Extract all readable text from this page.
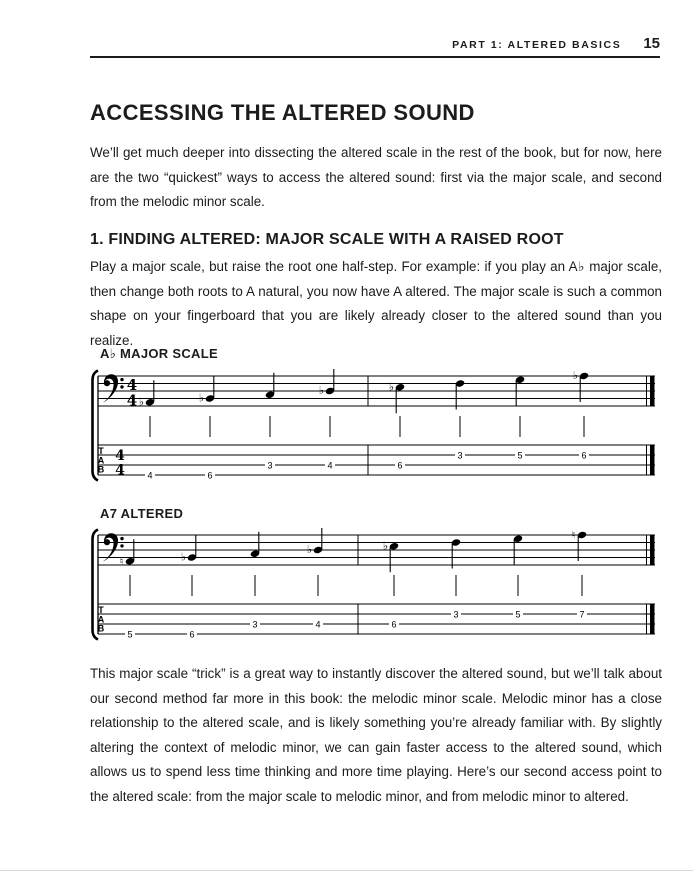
PART 1: ALTERED BASICS 15
ACCESSING THE ALTERED SOUND

We’ll get much deeper into dissecting the altered scale in the rest of the book, but for now, here are the two “quickest” ways to access the altered sound: first via the major scale, and second from the melodic minor scale.

1. FINDING ALTERED: MAJOR SCALE WITH A RAISED ROOT

Play a major scale, but raise the root one half-step. For example: if you play an A♭ major scale, then change both roots to A natural, you now have A altered. The major scale is such a common shape on your fingerboard that you are likely already closer to the altered sound than you realize.

A♭ MAJOR SCALE
4
4
4
4
T
A
B
♭
4
♭
6
3
♭
4
♭
6
3	5
♭
6
A7 ALTERED
T
A
B
♮
5
♭
6
3
♭
4
♭
6
3	5
♮
7

This major scale “trick” is a great way to instantly discover the altered sound, but we’ll talk about our second method far more in this book: the melodic minor scale. Melodic minor has a close relationship to the altered scale, and is likely something you’re already familiar with. By slightly altering the context of melodic minor, we can gain faster access to the altered sound, which allows us to spend less time thinking and more time playing. Here’s our second access point to the altered scale: from the major scale to melodic minor, and from melodic minor to altered.
